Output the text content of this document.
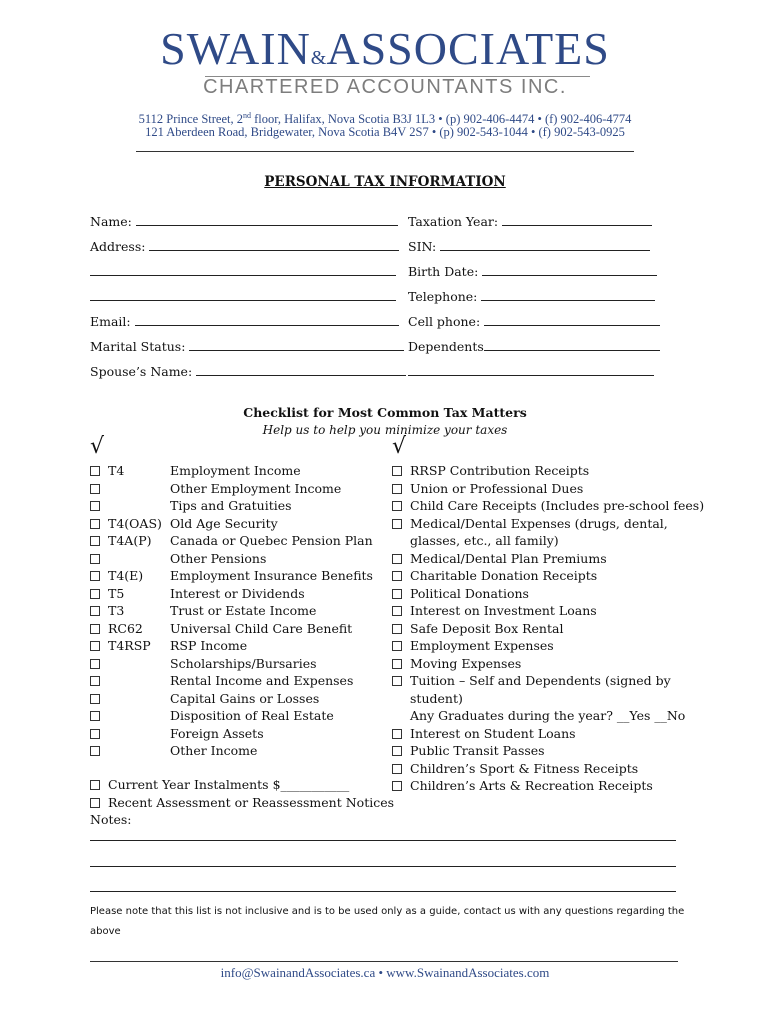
SWAIN&ASSOCIATES
CHARTERED ACCOUNTANTS INC.
5112 Prince Street, 2nd floor, Halifax, Nova Scotia B3J 1L3 • (p) 902-406-4474 • (f) 902-406-4774
121 Aberdeen Road, Bridgewater, Nova Scotia B4V 2S7 • (p) 902-543-1044 • (f) 902-543-0925
PERSONAL TAX INFORMATION
Name:	Taxation Year:
Address:	SIN:
Birth Date:
Telephone:
Email:	Cell phone:
Marital Status:	Dependents
Spouse’s Name:
Checklist for Most Common Tax Matters
Help us to help you minimize your taxes
√	√
T4	Employment Income
Other Employment Income
Tips and Gratuities
T4(OAS) Old Age Security
T4A(P) Canada or Quebec Pension Plan
Other Pensions
T4(E) Employment Insurance Benefits
T5	Interest or Dividends
T3	Trust or Estate Income
RC62 Universal Child Care Benefit
T4RSP RSP Income
Scholarships/Bursaries
Rental Income and Expenses
Capital Gains or Losses
Disposition of Real Estate
Foreign Assets
Other Income
RRSP Contribution Receipts
Union or Professional Dues
Child Care Receipts (Includes pre-school fees)
Medical/Dental Expenses (drugs, dental,
glasses, etc., all family)
Medical/Dental Plan Premiums
Charitable Donation Receipts
Political Donations
Interest on Investment Loans
Safe Deposit Box Rental
Employment Expenses
Moving Expenses
Tuition – Self and Dependents (signed by
student)
Any Graduates during the year? __Yes __No
Interest on Student Loans
Public Transit Passes
Children’s Sport & Fitness Receipts
Children’s Arts & Recreation Receipts
Current Year Instalments $___________
Recent Assessment or Reassessment Notices
Notes:
Please note that this list is not inclusive and is to be used only as a guide, contact us with any questions regarding the
above
info@SwainandAssociates.ca • www.SwainandAssociates.com
